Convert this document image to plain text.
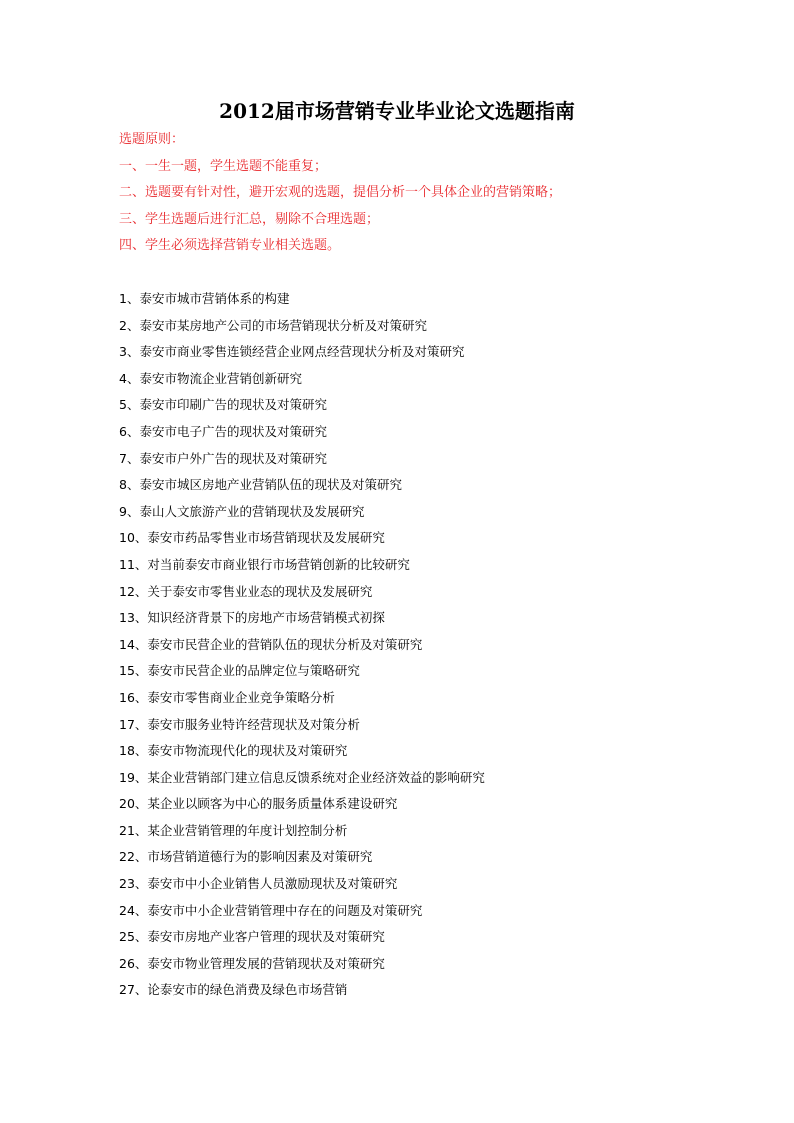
2012届市场营销专业毕业论文选题指南
选题原则：
一、一生一题，学生选题不能重复；
二、选题要有针对性，避开宏观的选题，提倡分析一个具体企业的营销策略；
三、学生选题后进行汇总，剔除不合理选题；
四、学生必须选择营销专业相关选题。
1、泰安市城市营销体系的构建
2、泰安市某房地产公司的市场营销现状分析及对策研究
3、泰安市商业零售连锁经营企业网点经营现状分析及对策研究
4、泰安市物流企业营销创新研究
5、泰安市印刷广告的现状及对策研究
6、泰安市电子广告的现状及对策研究
7、泰安市户外广告的现状及对策研究
8、泰安市城区房地产业营销队伍的现状及对策研究
9、泰山人文旅游产业的营销现状及发展研究
10、泰安市药品零售业市场营销现状及发展研究
11、对当前泰安市商业银行市场营销创新的比较研究
12、关于泰安市零售业业态的现状及发展研究
13、知识经济背景下的房地产市场营销模式初探
14、泰安市民营企业的营销队伍的现状分析及对策研究
15、泰安市民营企业的品牌定位与策略研究
16、泰安市零售商业企业竞争策略分析
17、泰安市服务业特许经营现状及对策分析
18、泰安市物流现代化的现状及对策研究
19、某企业营销部门建立信息反馈系统对企业经济效益的影响研究
20、某企业以顾客为中心的服务质量体系建设研究
21、某企业营销管理的年度计划控制分析
22、市场营销道德行为的影响因素及对策研究
23、泰安市中小企业销售人员激励现状及对策研究
24、泰安市中小企业营销管理中存在的问题及对策研究
25、泰安市房地产业客户管理的现状及对策研究
26、泰安市物业管理发展的营销现状及对策研究
27、论泰安市的绿色消费及绿色市场营销
